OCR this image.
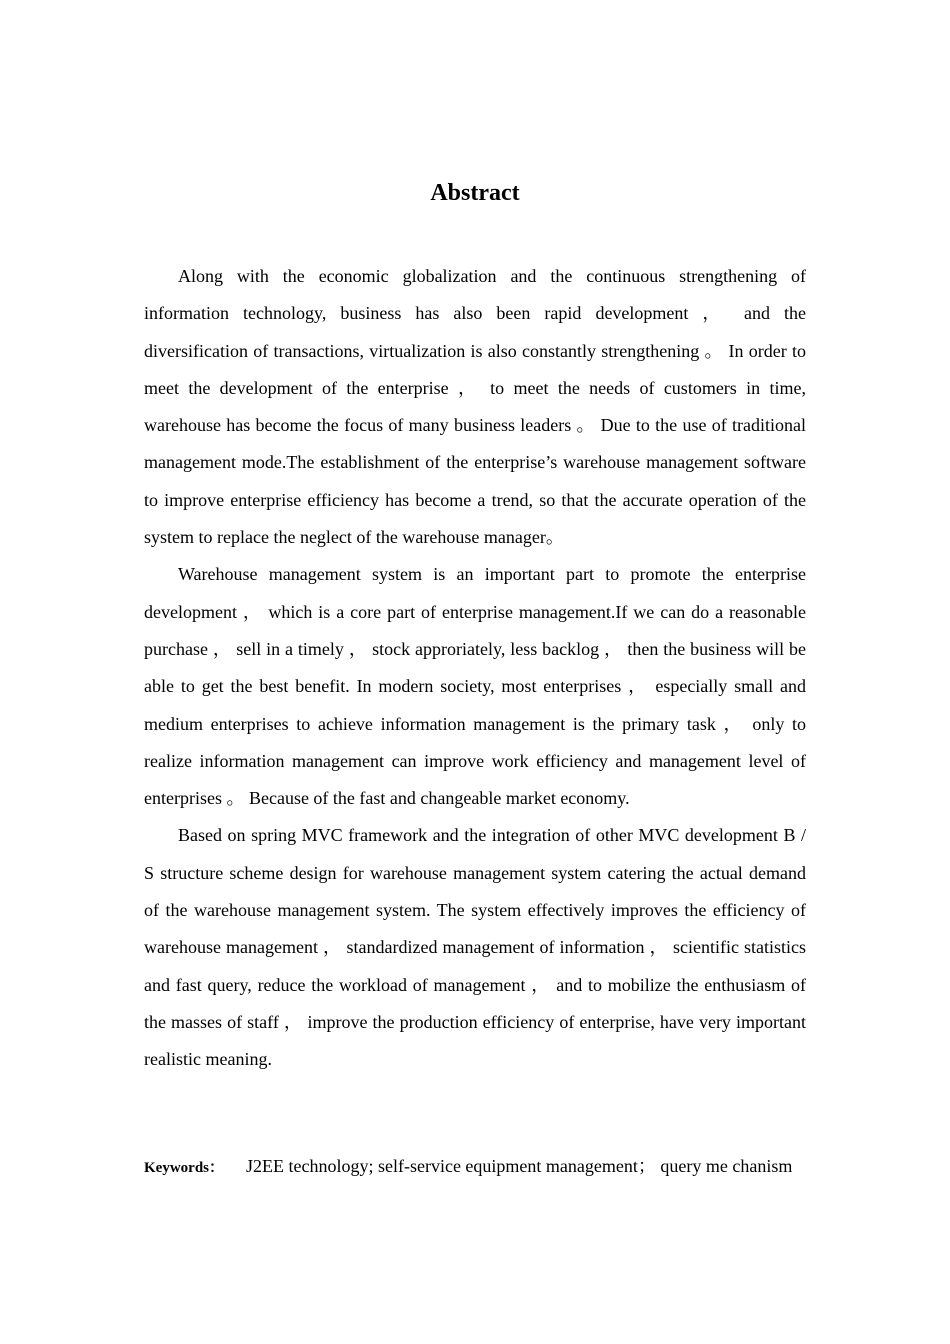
Abstract

Along with the economic globalization and the continuous strengthening of information technology, business has also been rapid development ， and the diversification of transactions, virtualization is also constantly strengthening 。 In order to meet the development of the enterprise ， to meet the needs of customers in time, warehouse has become the focus of many business leaders 。 Due to the use of traditional management mode.The establishment of the enterprise’s warehouse management software to improve enterprise efficiency has become a trend, so that the accurate operation of the system to replace the neglect of the warehouse manager。

Warehouse management system is an important part to promote the enterprise development ， which is a core part of enterprise management.If we can do a reasonable purchase ， sell in a timely ， stock approriately, less backlog ， then the business will be able to get the best benefit. In modern society, most enterprises ， especially small and medium enterprises to achieve information management is the primary task ， only to realize information management can improve work efficiency and management level of enterprises 。 Because of the fast and changeable market economy.

Based on spring MVC framework and the integration of other MVC development B / S structure scheme design for warehouse management system catering the actual demand of the warehouse management system. The system effectively improves the efficiency of warehouse management ， standardized management of information ， scientific statistics and fast query, reduce the workload of management ， and to mobilize the enthusiasm of the masses of staff ， improve the production efficiency of enterprise, have very important realistic meaning.

Keywords： J2EE technology; self-service equipment management； query me chanism
